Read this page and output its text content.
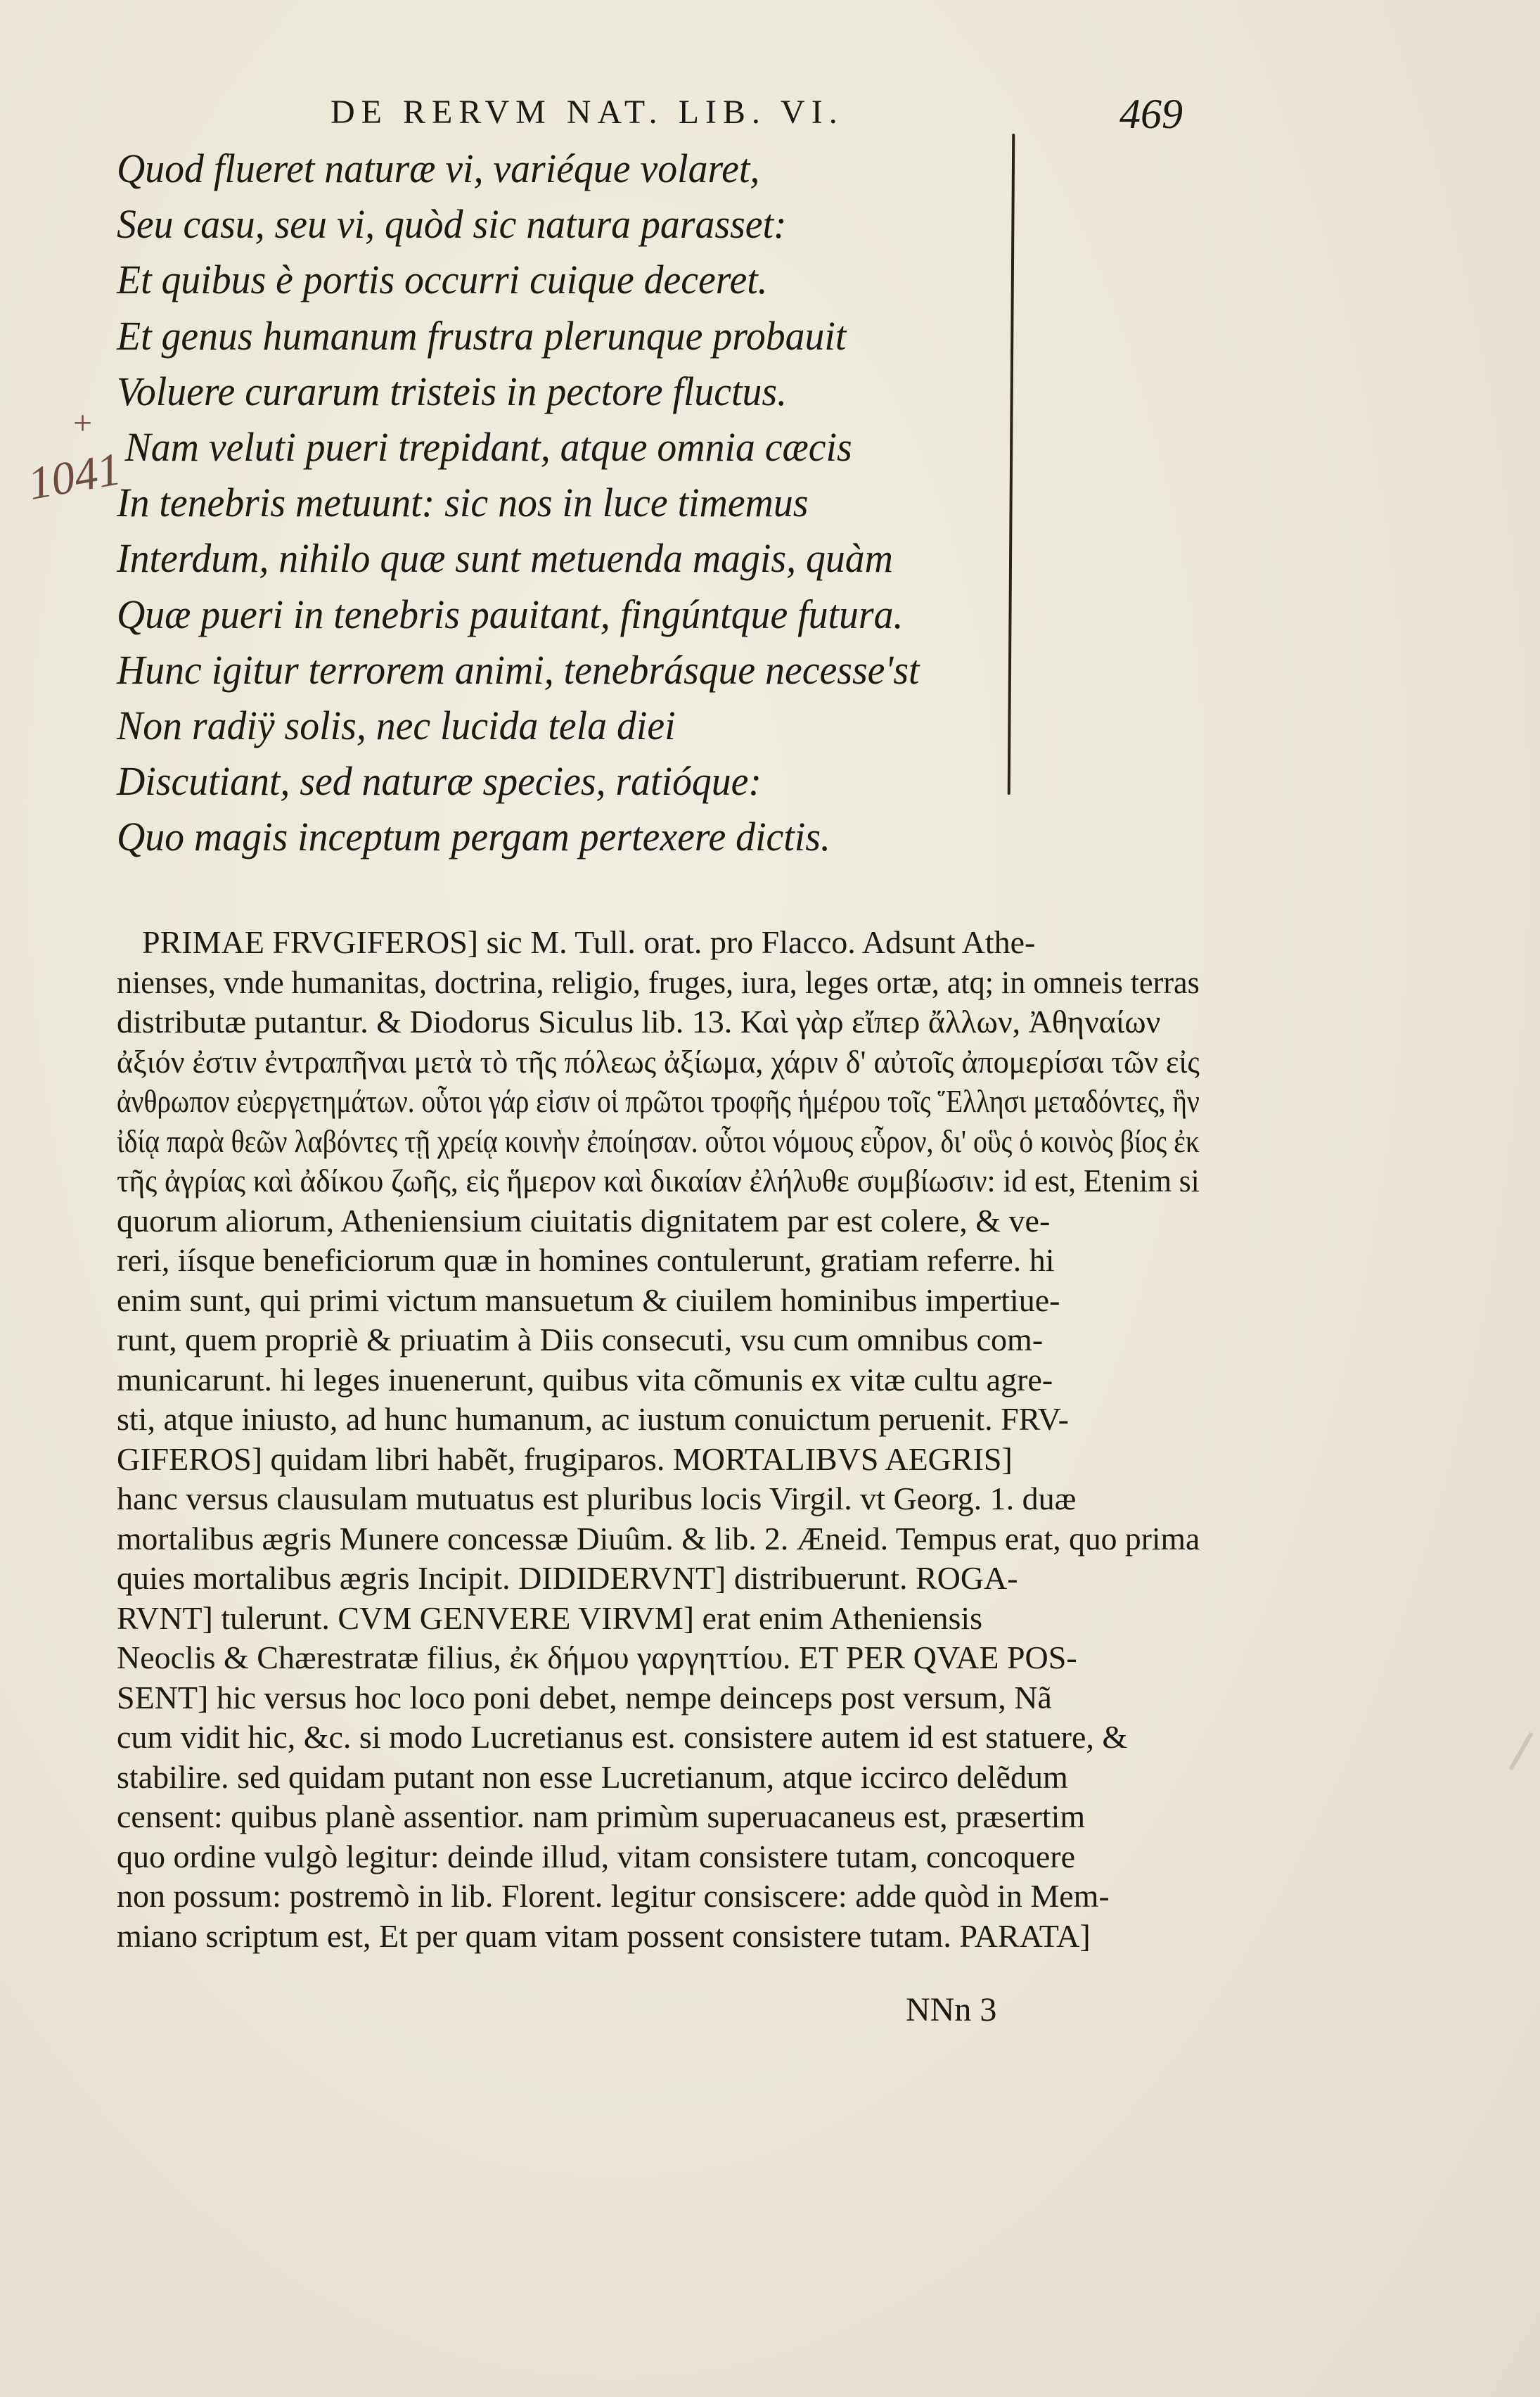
DE RERVM NAT. LIB. VI.	469
+
1041
Quod flueret naturæ vi, variéque volaret,
Seu casu, seu vi, quòd sic natura parasset:
Et quibus è portis occurri cuique deceret.
Et genus humanum frustra plerunque probauit
Voluere curarum tristeis in pectore fluctus.
Nam veluti pueri trepidant, atque omnia cæcis
In tenebris metuunt: sic nos in luce timemus
Interdum, nihilo quæ sunt metuenda magis, quàm
Quæ pueri in tenebris pauitant, fingúntque futura.
Hunc igitur terrorem animi, tenebrásque necesse'st
Non radiÿ solis, nec lucida tela diei
Discutiant, sed naturæ species, ratióque:
Quo magis inceptum pergam pertexere dictis.
PRIMAE FRVGIFEROS] sic M. Tull. orat. pro Flacco. Adsunt Athe-
nienses, vnde humanitas, doctrina, religio, fruges, iura, leges ortæ, atq; in omneis terras
distributæ putantur. & Diodorus Siculus lib. 13. Καὶ γὰρ εἴπερ ἄλλων, Ἀθηναίων
ἀξιόν ἐστιν ἐντραπῆναι μετὰ τὸ τῆς πόλεως ἀξίωμα, χάριν δ' αὐτοῖς ἀπομερίσαι τῶν εἰς
ἀνθρωπον εὐεργετημάτων. οὗτοι γάρ εἰσιν οἱ πρῶτοι τροφῆς ἡμέρου τοῖς Ἕλλησι μεταδόντες, ἣν
ἰδίᾳ παρὰ θεῶν λαβόντες τῇ χρείᾳ κοινὴν ἐποίησαν. οὗτοι νόμους εὗρον, δι' οὓς ὁ κοινὸς βίος ἐκ
τῆς ἀγρίας καὶ ἀδίκου ζωῆς, εἰς ἥμερον καὶ δικαίαν ἐλήλυθε συμβίωσιν: id est, Etenim si
quorum aliorum, Atheniensium ciuitatis dignitatem par est colere, & ve-
reri, iísque beneficiorum quæ in homines contulerunt, gratiam referre. hi
enim sunt, qui primi victum mansuetum & ciuilem hominibus impertiue-
runt, quem propriè & priuatim à Diis consecuti, vsu cum omnibus com-
municarunt. hi leges inuenerunt, quibus vita cõmunis ex vitæ cultu agre-
sti, atque iniusto, ad hunc humanum, ac iustum conuictum peruenit. FRV-
GIFEROS] quidam libri habẽt, frugiparos. MORTALIBVS AEGRIS]
hanc versus clausulam mutuatus est pluribus locis Virgil. vt Georg. 1. duæ
mortalibus ægris Munere concessæ Diuûm. & lib. 2. Æneid. Tempus erat, quo prima
quies mortalibus ægris Incipit. DIDIDERVNT] distribuerunt. ROGA-
RVNT] tulerunt. CVM GENVERE VIRVM] erat enim Atheniensis
Neoclis & Chærestratæ filius, ἐκ δήμου γαργηττίου. ET PER QVAE POS-
SENT] hic versus hoc loco poni debet, nempe deinceps post versum, Nã
cum vidit hic, &c. si modo Lucretianus est. consistere autem id est statuere, &
stabilire. sed quidam putant non esse Lucretianum, atque iccirco delẽdum
censent: quibus planè assentior. nam primùm superuacaneus est, præsertim
quo ordine vulgò legitur: deinde illud, vitam consistere tutam, concoquere
non possum: postremò in lib. Florent. legitur consiscere: adde quòd in Mem-
miano scriptum est, Et per quam vitam possent consistere tutam. PARATA]
NNn 3
